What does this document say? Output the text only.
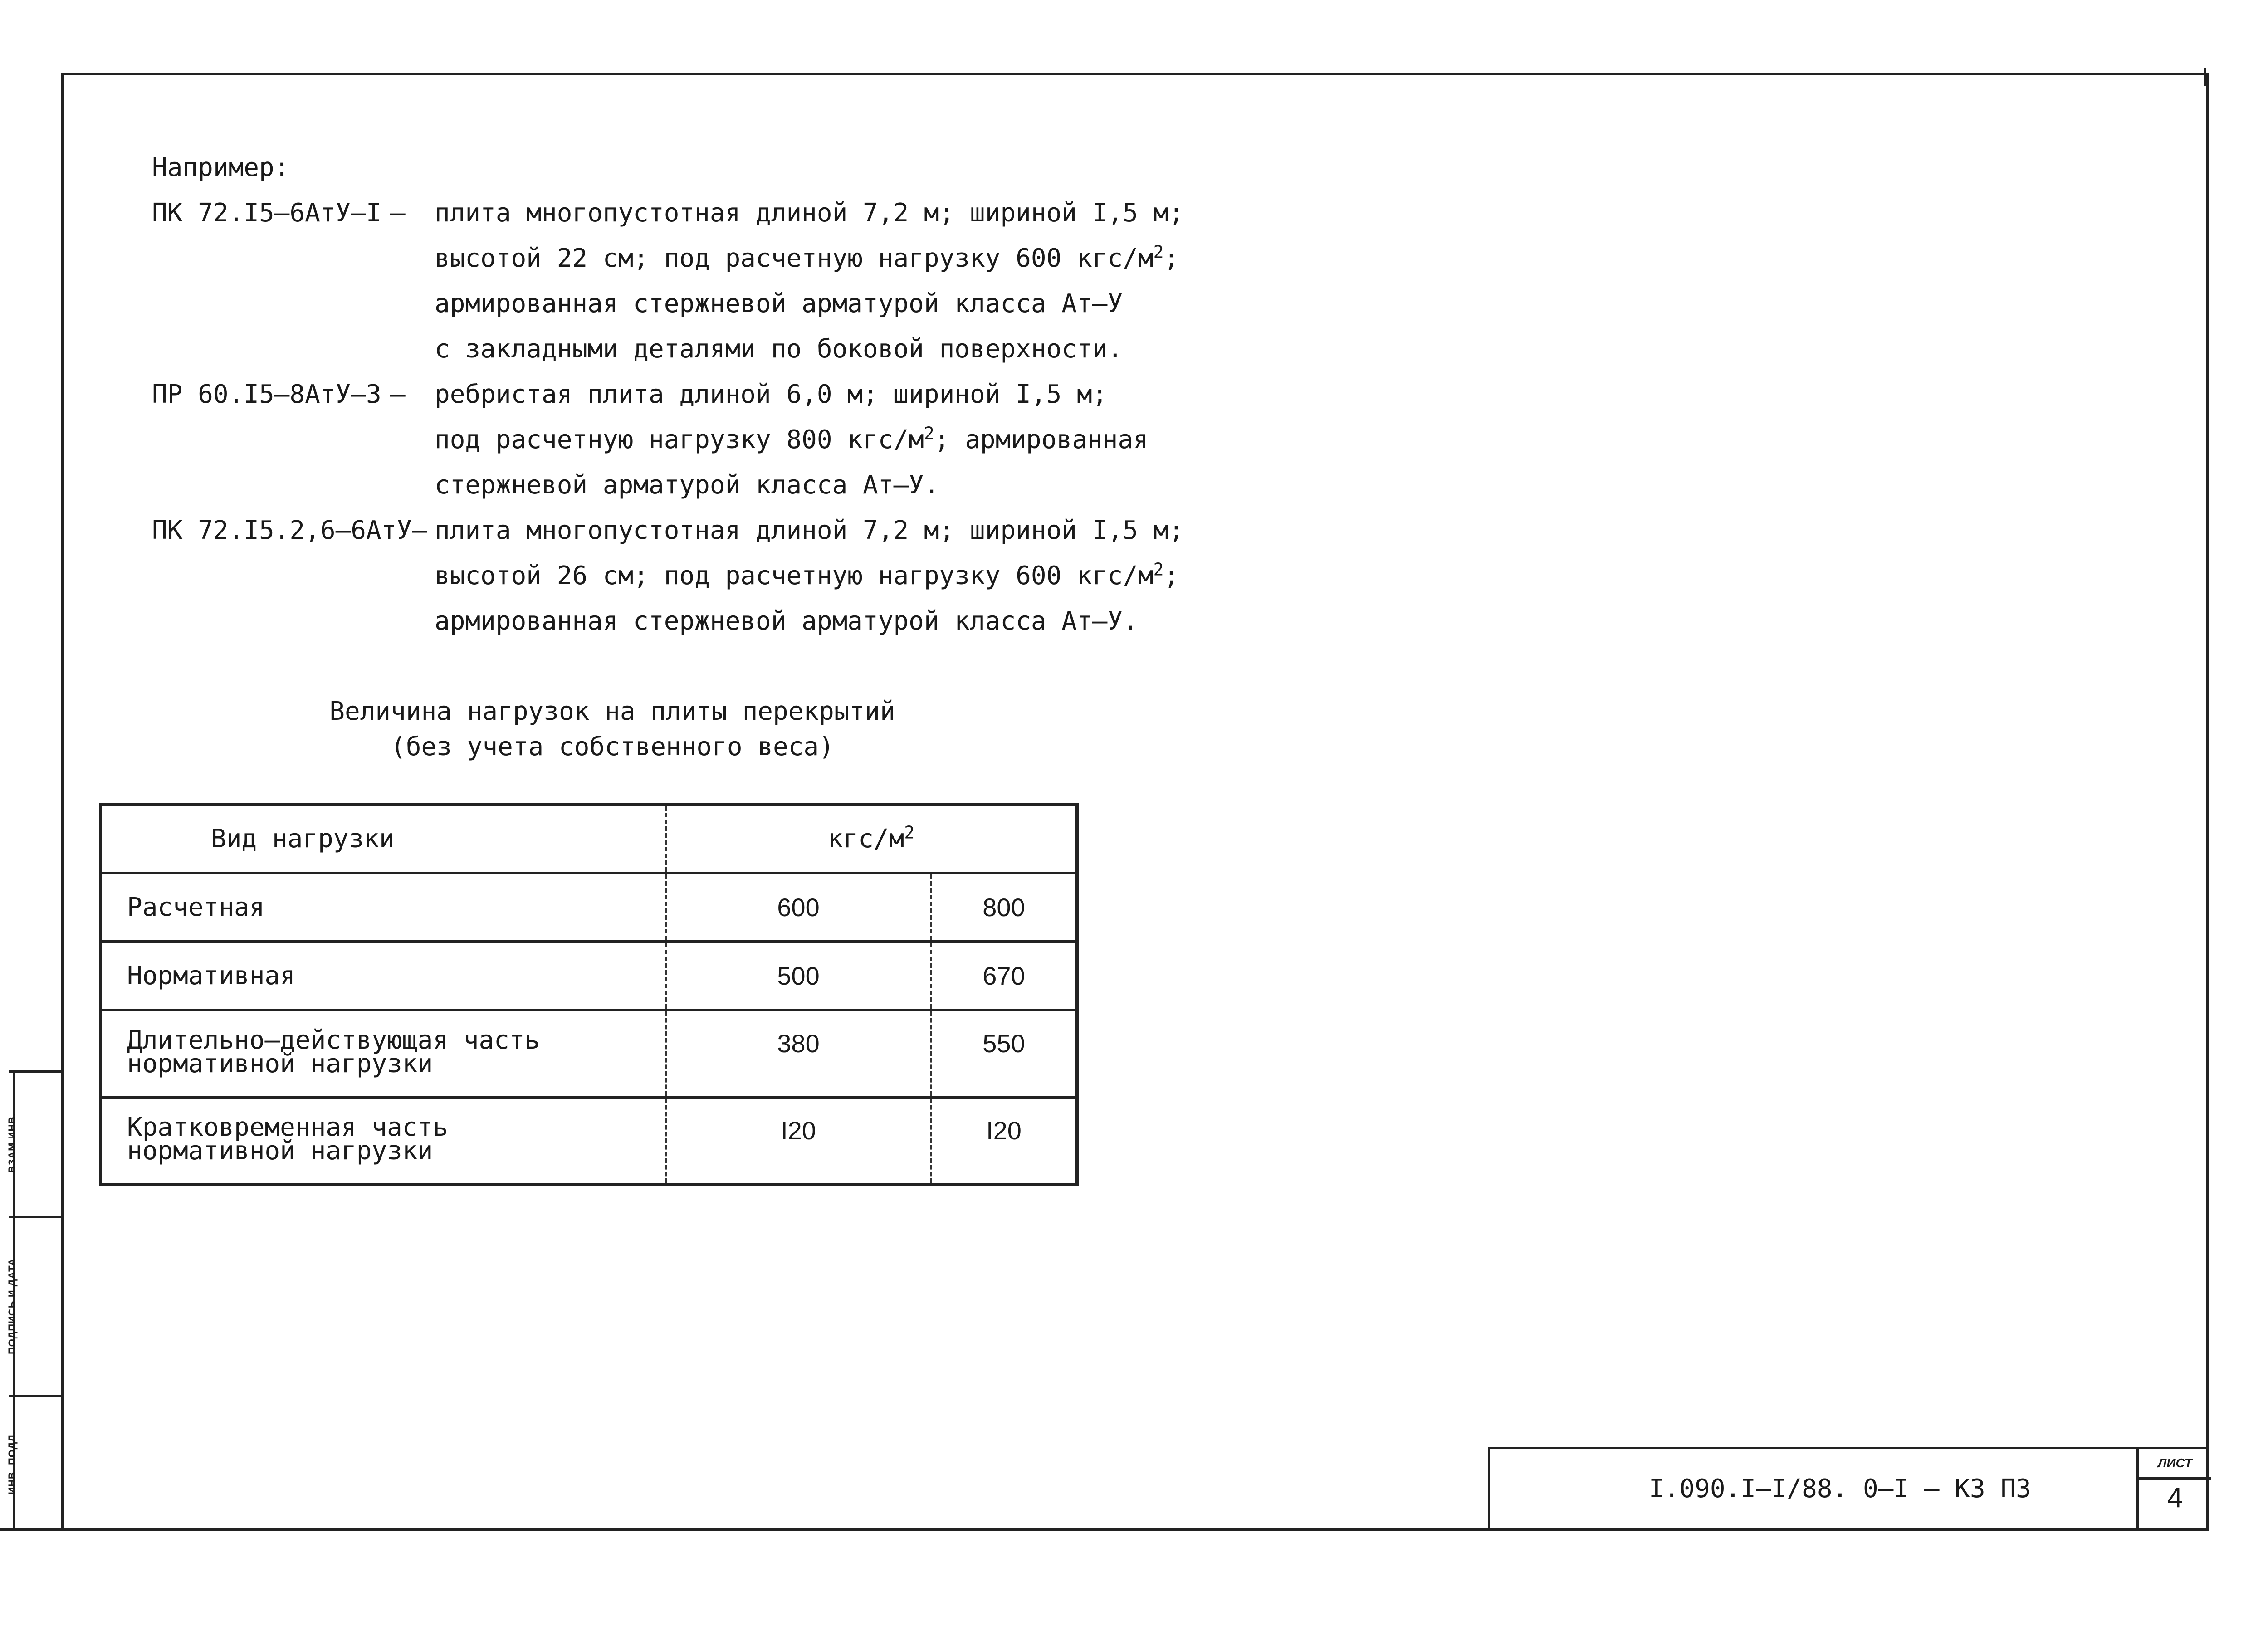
Например:
ПК 72.I5–6АтУ–I – плита многопустотная длиной 7,2 м; шириной I,5 м;
высотой 22 см; под расчетную нагрузку 600 кгс/$м^2$;
армированная стержневой арматурой класса Ат–У
с закладными деталями по боковой поверхности.
ПР 60.I5–8АтУ–3 – ребристая плита длиной 6,0 м; шириной I,5 м;
под расчетную нагрузку 800 кгс/$м^2$; армированная
стержневой арматурой класса Ат–У.
ПК 72.I5.2,6–6АтУ– плита многопустотная длиной 7,2 м; шириной I,5 м;
высотой 26 см; под расчетную нагрузку 600 кгс/$м^2$;
армированная стержневой арматурой класса Ат–У.
Величина нагрузок на плиты перекрытий
(без учета собственного веса)
Вид нагрузки	кгс/$м^2$
Расчетная	600	800
Нормативная	500	670

Длительно–действующая часть
нормативной нагрузки	380	550

Кратковременная часть
нормативной нагрузки	I20	I20
ВЗАМ.ИНВ.
ПОДПИСЬ И ДАТА
ИНВ. ПОДЛ.	I.090.I–I/88. 0–I – КЗ ПЗ
ЛИСТ
4
